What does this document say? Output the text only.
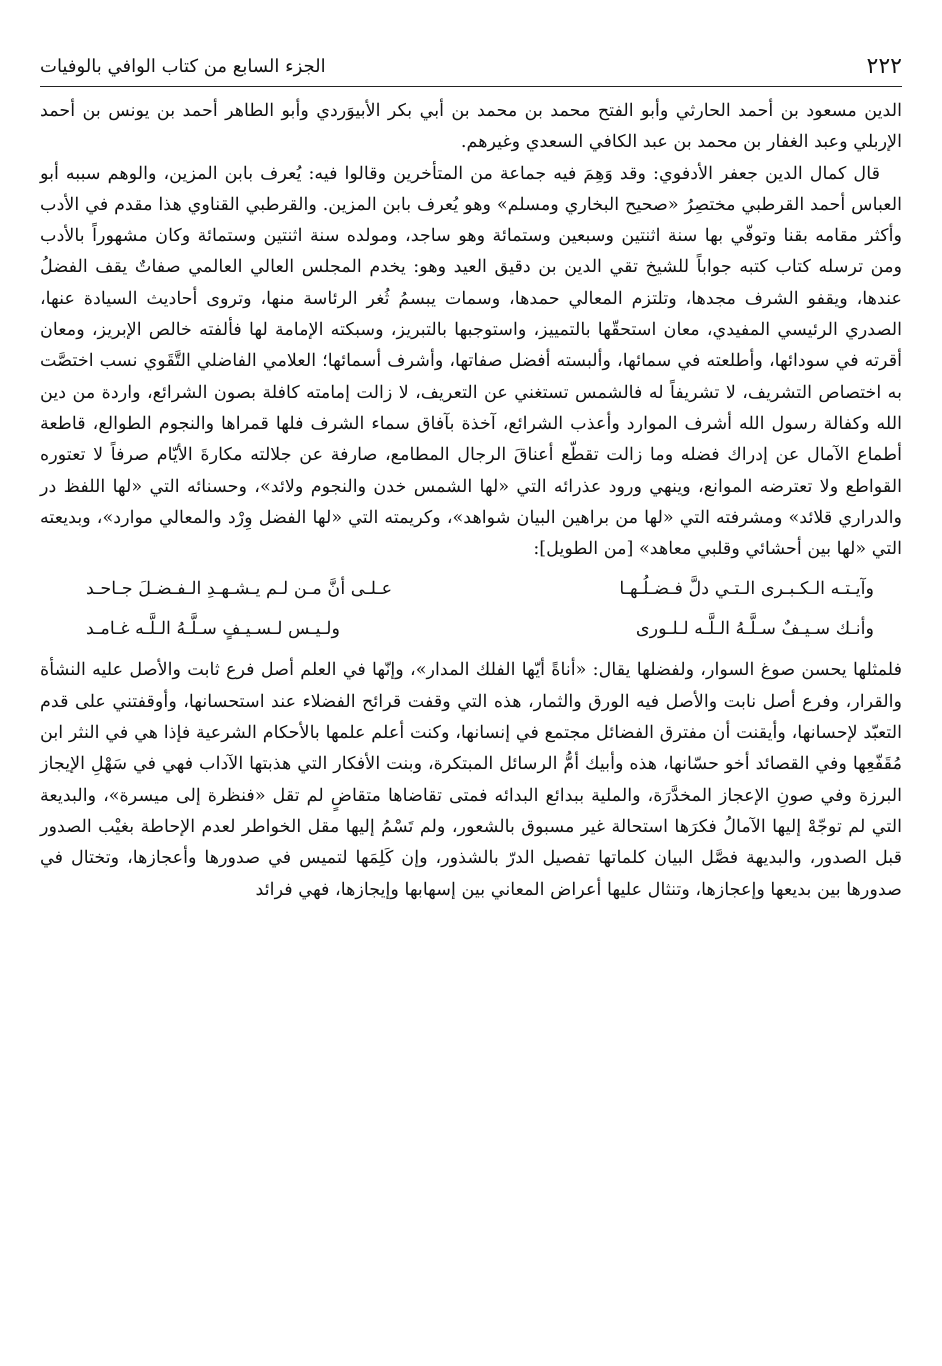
٢٢٢
الجزء السابع من كتاب الوافي بالوفيات

الدين مسعود بن أحمد الحارثي وأبو الفتح محمد بن محمد بن أبي بكر الأبيوَردي وأبو الطاهر أحمد بن يونس بن أحمد الإربلي وعبد الغفار بن محمد بن عبد الكافي السعدي وغيرهم.

قال كمال الدين جعفر الأدفوي: وقد وَهِمَ فيه جماعة من المتأخرين وقالوا فيه: يُعرف بابن المزين، والوهم سببه أبو العباس أحمد القرطبي مختصِرُ «صحيح البخاري ومسلم» وهو يُعرف بابن المزين. والقرطبي القناوي هذا مقدم في الأدب وأكثر مقامه بقنا وتوفّي بها سنة اثنتين وسبعين وستمائة وهو ساجد، ومولده سنة اثنتين وستمائة وكان مشهوراً بالأدب ومن ترسله كتاب كتبه جواباً للشيخ تقي الدين بن دقيق العيد وهو: يخدم المجلس العالي العالمي صفاتٌ يقف الفضلُ عندها، ويقفو الشرف مجدها، وتلتزم المعالي حمدها، وسمات يبسمُ ثُغر الرئاسة منها، وتروى أحاديث السيادة عنها، الصدري الرئيسي المفيدي، معان استحقّها بالتمييز، واستوجبها بالتبريز، وسبكته الإمامة لها فألفته خالص الإبريز، ومعان أقرته في سودائها، وأطلعته في سمائها، وألبسته أفضل صفاتها، وأشرف أسمائها؛ العلامي الفاضلي التَّقَوي نسب اختصَّت به اختصاص التشريف، لا تشريفاً له فالشمس تستغني عن التعريف، لا زالت إمامته كافلة بصون الشرائع، واردة من دين الله وكفالة رسول الله أشرف الموارد وأعذب الشرائع، آخذة بآفاق سماء الشرف فلها قمراها والنجوم الطوالع، قاطعة أطماع الآمال عن إدراك فضله وما زالت تقطّع أعناقَ الرجال المطامع، صارفة عن جلالته مكارةَ الأيّام صرفاً لا تعتوره القواطع ولا تعترضه الموانع، وينهي ورود عذرائه التي «لها الشمس خدن والنجوم ولائد»، وحسنائه التي «لها اللفظ در والدراري قلائد» ومشرفته التي «لها من براهين البيان شواهد»، وكريمته التي «لها الفضل وِرْد والمعالي موارد»، وبديعته التي «لها بين أحشائي وقلبي معاهد» [من الطويل]:

وآيـتـه الـكـبـرى الـتـي دلَّ فـضـلُـهـا
عـلـى أنَّ مـن لـم يـشـهـدِ الـفـضـلَ جـاحـد
وأنـك سـيـفٌ سـلَّـهُ الـلَّـه لـلـورى
ولـيـس لـسـيـفٍ سـلَّـهُ الـلَّـه غـامـد

فلمثلها يحسن صوغ السوار، ولفضلها يقال: «أناةً أيّها الفلك المدار»، وإنّها في العلم أصل فرع ثابت والأصل عليه النشأة والقرار، وفرع أصل نابت والأصل فيه الورق والثمار، هذه التي وقفت قرائح الفضلاء عند استحسانها، وأوقفتني على قدم التعبّد لإحسانها، وأيقنت أن مفترق الفضائل مجتمع في إنسانها، وكنت أعلم علمها بالأحكام الشرعية فإذا هي في النثر ابن مُقَفّعِها وفي القصائد أخو حسّانها، هذه وأبيك أمُّ الرسائل المبتكرة، وبنت الأفكار التي هذبتها الآداب فهي في سَهْلِ الإيجاز البرزة وفي صونِ الإعجاز المخدَّرَة، والملية ببدائع البدائه فمتى تقاضاها متقاضٍ لم تقل «فنظرة إلى ميسرة»، والبديعة التي لم توجّهْ إليها الآمالُ فكرَها استحالة غير مسبوق بالشعور، ولم تَسْمُ إليها مقل الخواطر لعدم الإحاطة بغيْب الصدور قبل الصدور، والبديهة فصَّل البيان كلماتها تفصيل الدرّ بالشذور، وإن كَلِمَها لتميس في صدورها وأعجازها، وتختال في صدورها بين بديعها وإعجازها، وتنثال عليها أعراض المعاني بين إسهابها وإيجازها، فهي فرائد
